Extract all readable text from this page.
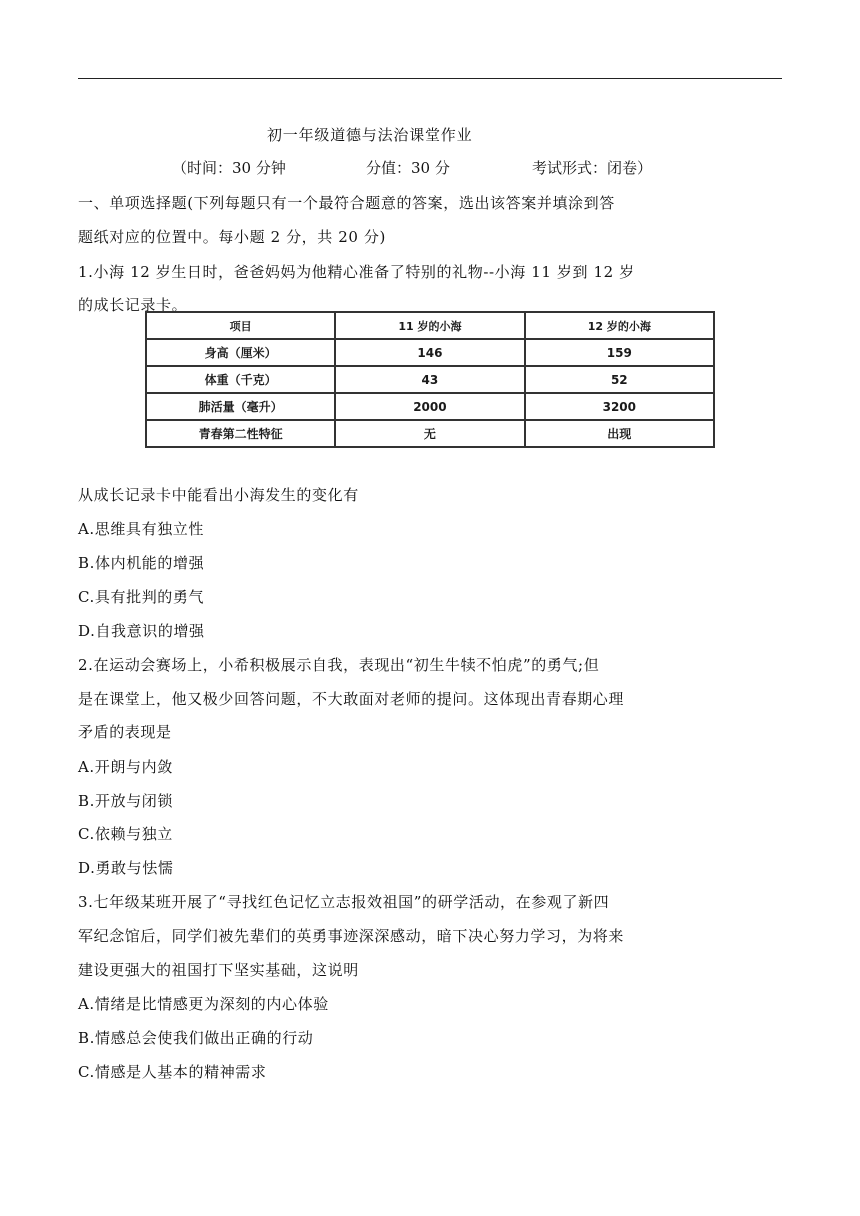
初一年级道德与法治课堂作业
（时间：30 分钟	分值：30 分	考试形式：闭卷）
一、单项选择题(下列每题只有一个最符合题意的答案，选出该答案并填涂到答
题纸对应的位置中。每小题 2 分，共 20 分)
1.小海 12 岁生日时，爸爸妈妈为他精心准备了特别的礼物--小海 11 岁到 12 岁
的成长记录卡。
项目	11 岁的小海	12 岁的小海
身高（厘米）	146	159
体重（千克）	43	52
肺活量（毫升）	2000	3200
青春第二性特征	无	出现
从成长记录卡中能看出小海发生的变化有
A.思维具有独立性
B.体内机能的增强
C.具有批判的勇气
D.自我意识的增强
2.在运动会赛场上，小希积极展示自我，表现出“初生牛犊不怕虎”的勇气;但
是在课堂上，他又极少回答问题，不大敢面对老师的提问。这体现出青春期心理
矛盾的表现是
A.开朗与内敛
B.开放与闭锁
C.依赖与独立
D.勇敢与怯懦
3.七年级某班开展了“寻找红色记忆立志报效祖国”的研学活动，在参观了新四
军纪念馆后，同学们被先辈们的英勇事迹深深感动，暗下决心努力学习，为将来
建设更强大的祖国打下坚实基础，这说明
A.情绪是比情感更为深刻的内心体验
B.情感总会使我们做出正确的行动
C.情感是人基本的精神需求
